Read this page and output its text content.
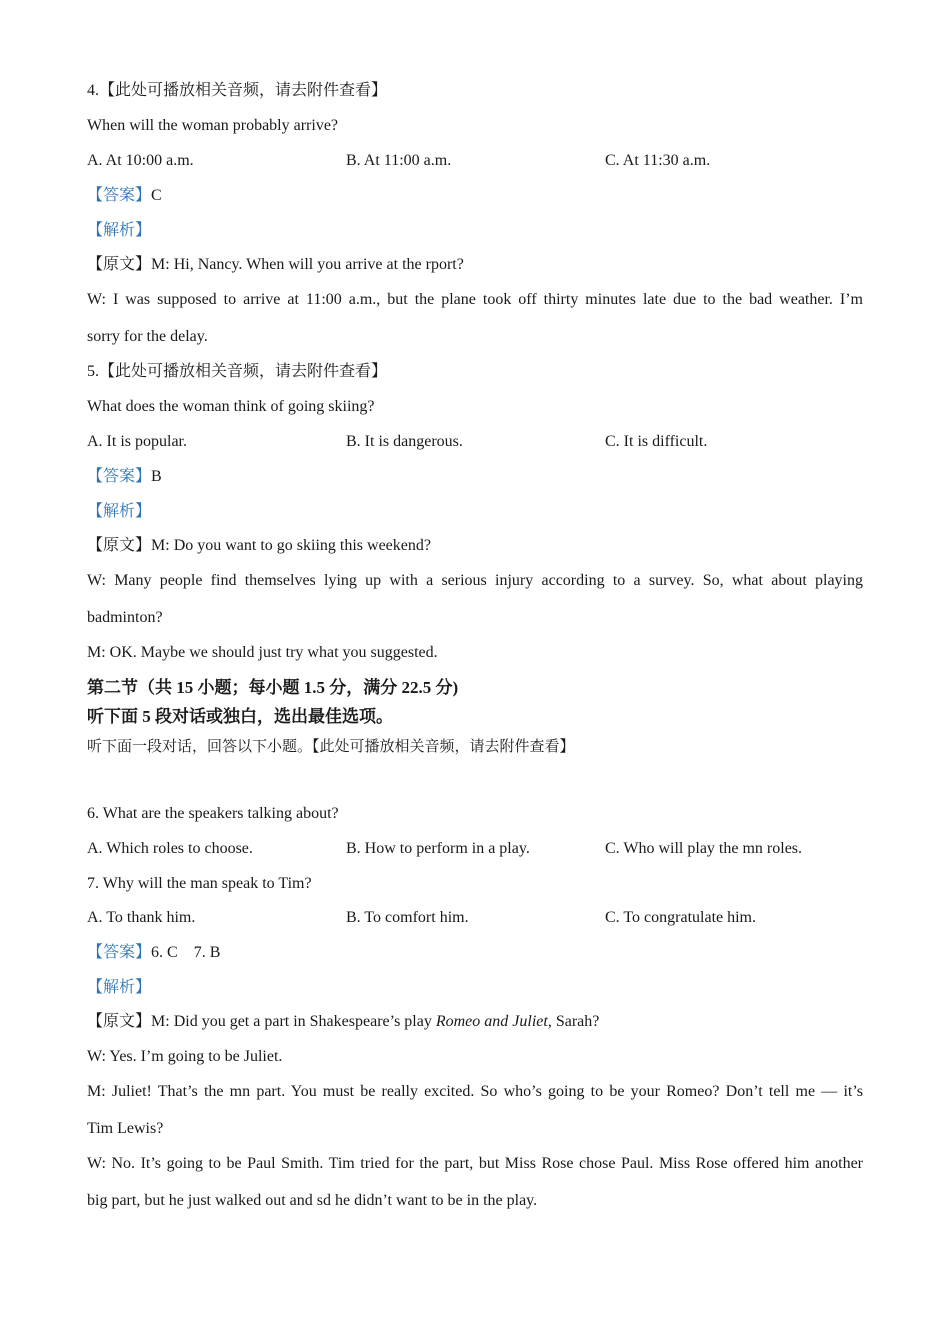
4.【此处可播放相关音频，请去附件查看】
When will the woman probably arrive?
A. At 10:00 a.m.	B. At 11:00 a.m.	C. At 11:30 a.m.
【答案】C
【解析】
【原文】M: Hi, Nancy. When will you arrive at the rport?
W: I was supposed to arrive at 11:00 a.m., but the plane took off thirty minutes late due to the bad weather. I’m
sorry for the delay.
5.【此处可播放相关音频，请去附件查看】
What does the woman think of going skiing?
A. It is popular.	B. It is dangerous.	C. It is difficult.
【答案】B
【解析】
【原文】M: Do you want to go skiing this weekend?
W: Many people find themselves lying up with a serious injury according to a survey. So, what about playing
badminton?
M: OK. Maybe we should just try what you suggested.
第二节（共 15 小题；每小题 1.5 分，满分 22.5 分)
听下面 5 段对话或独白，选出最佳选项。
听下面一段对话，回答以下小题。【此处可播放相关音频，请去附件查看】
6. What are the speakers talking about?
A. Which roles to choose.	B. How to perform in a play.	C. Who will play the mn roles.
7. Why will the man speak to Tim?
A. To thank him.	B. To comfort him.	C. To congratulate him.
【答案】6. C    7. B
【解析】
【原文】M: Did you get a part in Shakespeare’s play Romeo and Juliet, Sarah?
W: Yes. I’m going to be Juliet.
M: Juliet! That’s the mn part. You must be really excited. So who’s going to be your Romeo? Don’t tell me — it’s
Tim Lewis?
W: No. It’s going to be Paul Smith. Tim tried for the part, but Miss Rose chose Paul. Miss Rose offered him another
big part, but he just walked out and sd he didn’t want to be in the play.
